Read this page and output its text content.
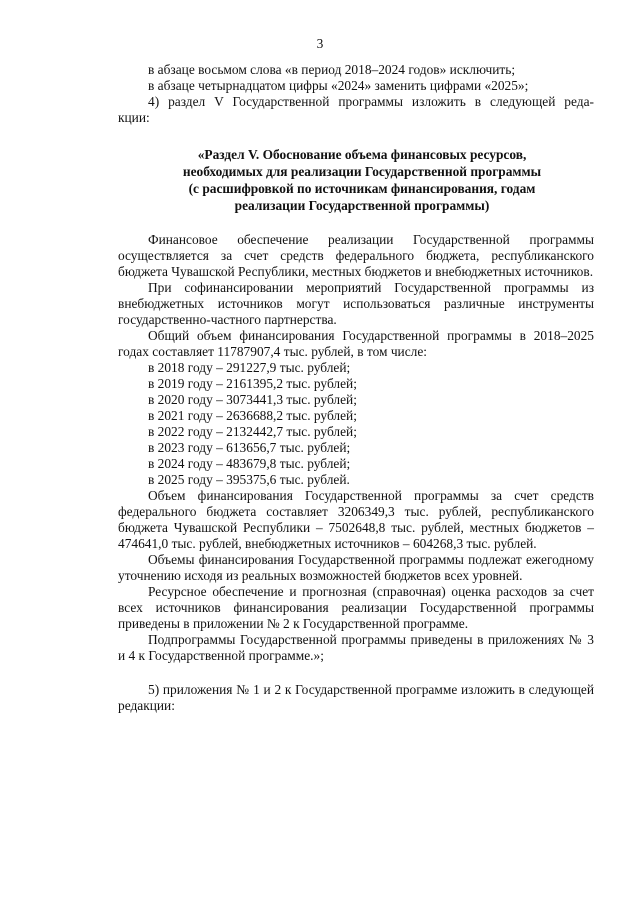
3

в абзаце восьмом слова «в период 2018–2024 годов» исключить;

в абзаце четырнадцатом цифры «2024» заменить цифрами «2025»;

4) раздел V Государственной программы изложить в следующей реда-

кции:

«Раздел V. Обоснование объема финансовых ресурсов,
необходимых для реализации Государственной программы
(с расшифровкой по источникам финансирования, годам
реализации Государственной программы)

Финансовое обеспечение реализации Государственной программы осуществляется за счет средств федерального бюджета, республиканского бюджета Чувашской Республики, местных бюджетов и внебюджетных источников.

При софинансировании мероприятий Государственной программы из внебюджетных источников могут использоваться различные инструменты государственно-частного партнерства.

Общий объем финансирования Государственной программы в 2018–2025 годах составляет 11787907,4 тыс. рублей, в том числе:

в 2018 году – 291227,9 тыс. рублей;

в 2019 году – 2161395,2 тыс. рублей;

в 2020 году – 3073441,3 тыс. рублей;

в 2021 году – 2636688,2 тыс. рублей;

в 2022 году – 2132442,7 тыс. рублей;

в 2023 году – 613656,7 тыс. рублей;

в 2024 году – 483679,8 тыс. рублей;

в 2025 году – 395375,6 тыс. рублей.

Объем финансирования Государственной программы за счет средств федерального бюджета составляет 3206349,3 тыс. рублей, республиканского бюджета Чувашской Республики – 7502648,8 тыс. рублей, местных бюджетов – 474641,0 тыс. рублей, внебюджетных источников – 604268,3 тыс. рублей.

Объемы финансирования Государственной программы подлежат ежегодному уточнению исходя из реальных возможностей бюджетов всех уровней.

Ресурсное обеспечение и прогнозная (справочная) оценка расходов за счет всех источников финансирования реализации Государственной программы приведены в приложении № 2 к Государственной программе.

Подпрограммы Государственной программы приведены в приложениях № 3 и 4 к Государственной программе.»;

5) приложения № 1 и 2 к Государственной программе изложить в следующей редакции:
